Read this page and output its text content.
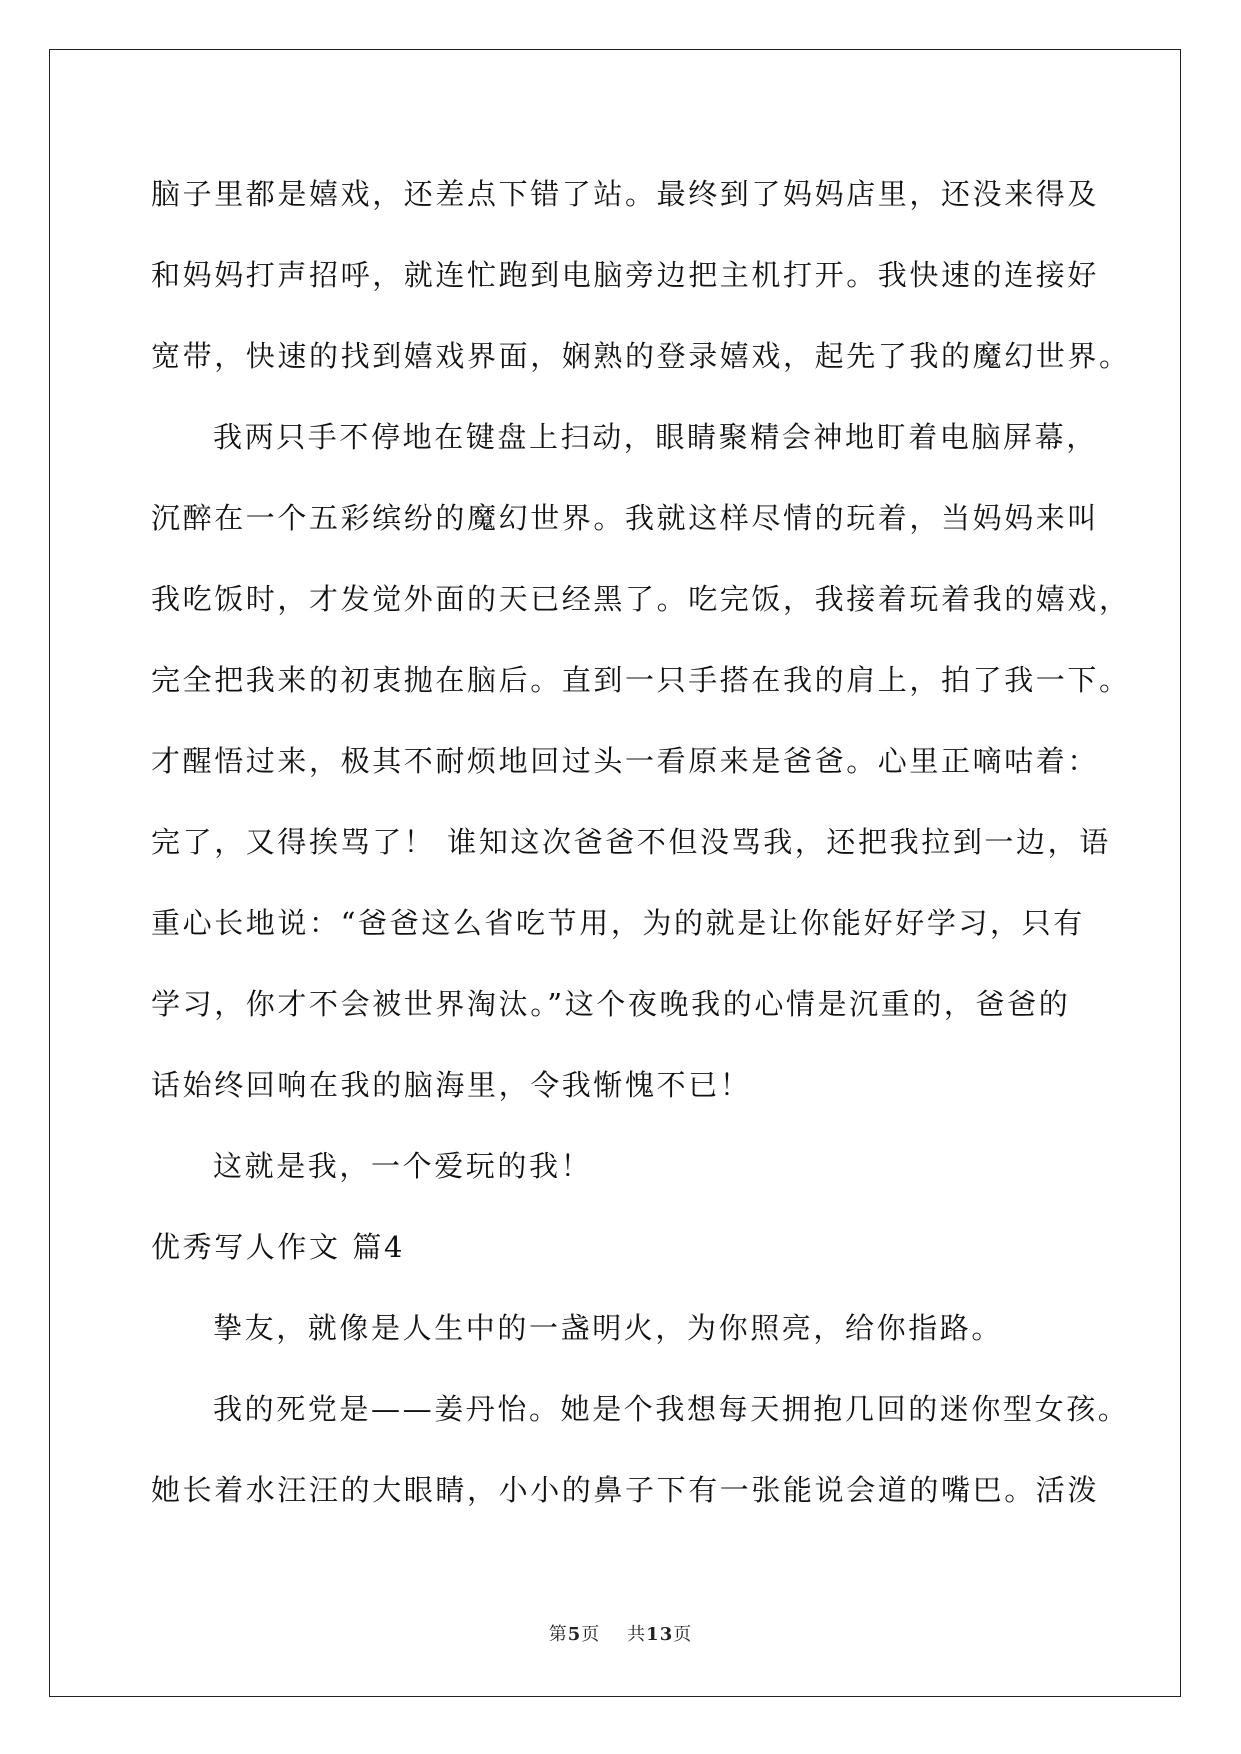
脑子里都是嬉戏，还差点下错了站。最终到了妈妈店里，还没来得及
和妈妈打声招呼，就连忙跑到电脑旁边把主机打开。我快速的连接好
宽带，快速的找到嬉戏界面，娴熟的登录嬉戏，起先了我的魔幻世界。
我两只手不停地在键盘上扫动，眼睛聚精会神地盯着电脑屏幕，
沉醉在一个五彩缤纷的魔幻世界。我就这样尽情的玩着，当妈妈来叫
我吃饭时，才发觉外面的天已经黑了。吃完饭，我接着玩着我的嬉戏，
完全把我来的初衷抛在脑后。直到一只手搭在我的肩上，拍了我一下。
才醒悟过来，极其不耐烦地回过头一看原来是爸爸。心里正嘀咕着：
完了，又得挨骂了！ 谁知这次爸爸不但没骂我，还把我拉到一边，语
重心长地说：“爸爸这么省吃节用，为的就是让你能好好学习，只有
学习，你才不会被世界淘汰。”这个夜晚我的心情是沉重的，爸爸的
话始终回响在我的脑海里，令我惭愧不已！
这就是我，一个爱玩的我！
优秀写人作文 篇4
挚友，就像是人生中的一盏明火，为你照亮，给你指路。
我的死党是——姜丹怡。她是个我想每天拥抱几回的迷你型女孩。
她长着水汪汪的大眼睛，小小的鼻子下有一张能说会道的嘴巴。活泼
第5页 共13页
